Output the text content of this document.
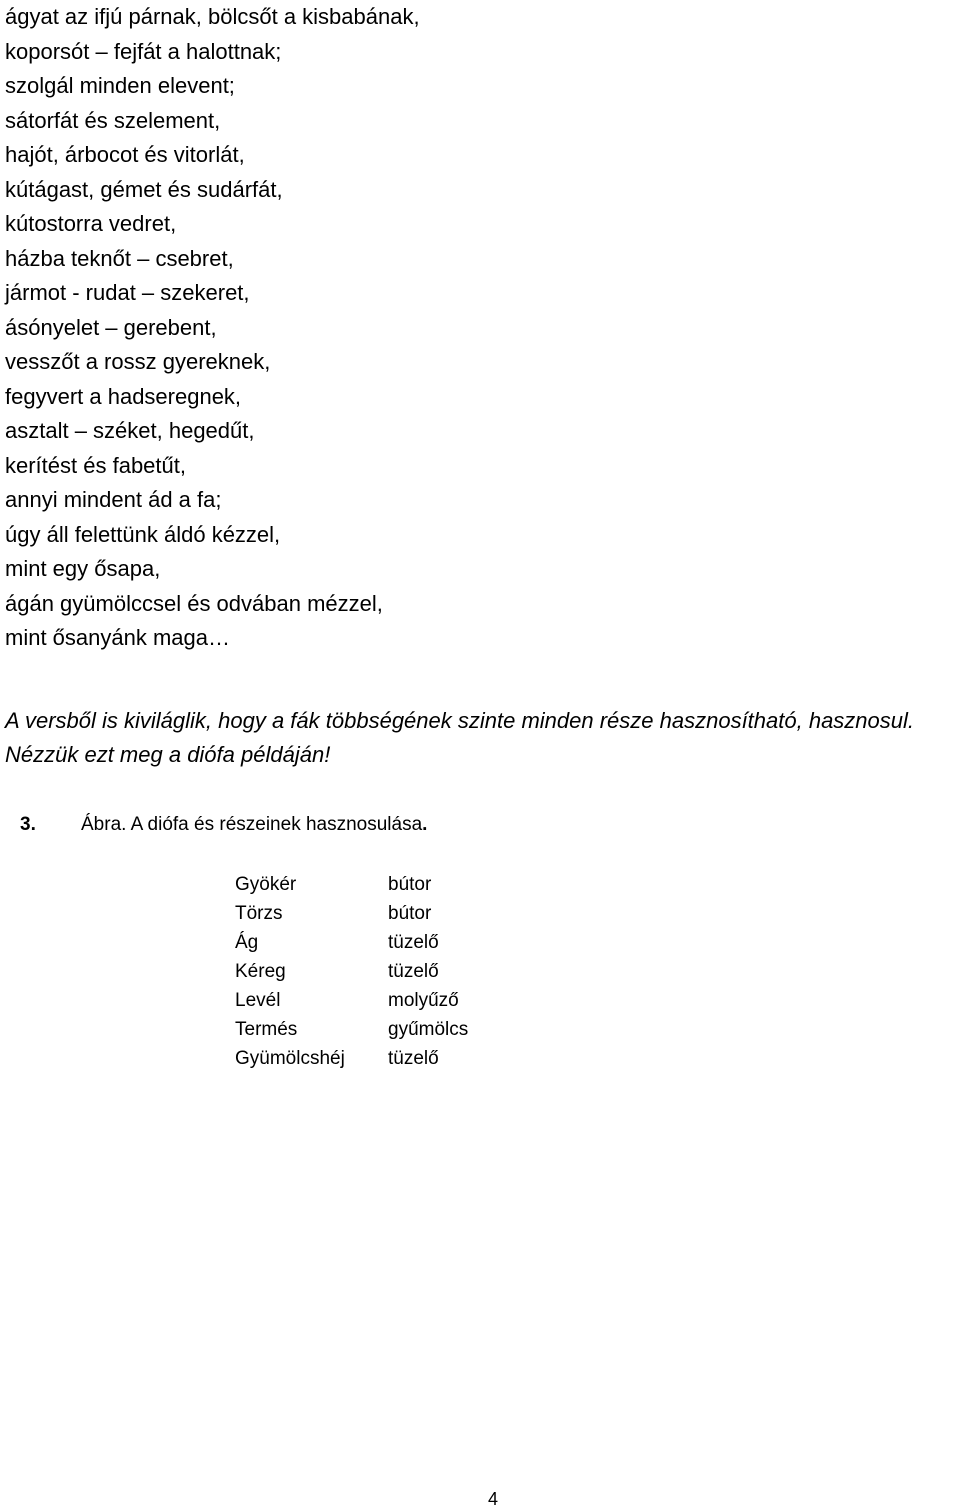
ágyat az ifjú párnak, bölcsőt a kisbabának,
koporsót – fejfát a halottnak;
szolgál minden elevent;
sátorfát és szelement,
hajót, árbocot és vitorlát,
kútágast, gémet és sudárfát,
kútostorra vedret,
házba teknőt – csebret,
jármot - rudat – szekeret,
ásónyelet – gerebent,
vesszőt a rossz gyereknek,
fegyvert a hadseregnek,
asztalt – széket, hegedűt,
kerítést és fabetűt,
annyi mindent ád a fa;
úgy áll felettünk áldó kézzel,
mint egy ősapa,
ágán gyümölccsel és odvában mézzel,
mint ősanyánk maga…

A versből is kiviláglik, hogy a fák többségének szinte minden része hasznosítható, hasznosul. Nézzük ezt meg a diófa példáján!

3. Ábra. A diófa és részeinek hasznosulása.
Gyökér	bútor
Törzs	bútor
Ág	tüzelő
Kéreg	tüzelő
Levél	molyűző
Termés	gyűmölcs
Gyümölcshéj	tüzelő
4
